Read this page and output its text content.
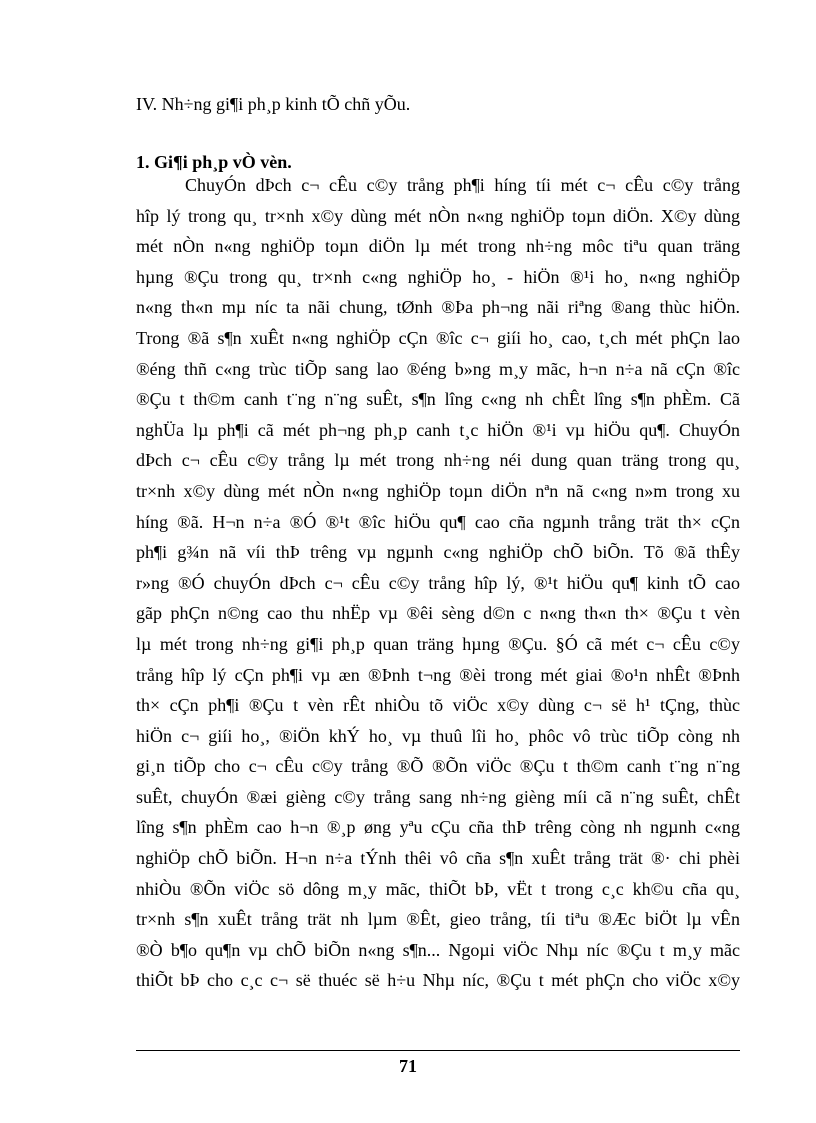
IV. Nh÷ng gi¶i ph¸p kinh tÕ chñ yÕu.
1. Gi¶i ph¸p vÒ vèn.
ChuyÓn dÞch c¬ cÊu c©y trång ph¶i híng tíi mét c¬ cÊu c©y trång
hîp lý trong qu¸ tr×nh x©y dùng mét nÒn n«ng nghiÖp toµn diÖn. X©y dùng
mét nÒn n«ng nghiÖp toµn diÖn lµ mét trong nh÷ng môc tiªu quan träng
hµng ®Çu trong qu¸ tr×nh c«ng nghiÖp ho¸ - hiÖn ®¹i ho¸ n«ng nghiÖp
n«ng th«n mµ níc ta nãi chung, tØnh ®Þa ph¬ng nãi riªng ®ang thùc hiÖn.
Trong ®ã s¶n xuÊt n«ng nghiÖp cÇn ®îc c¬ giíi ho¸ cao, t¸ch mét phÇn lao
®éng thñ c«ng trùc tiÕp sang lao ®éng b»ng m¸y mãc, h¬n n÷a nã cÇn ®îc
®Çu t th©m canh t¨ng n¨ng suÊt, s¶n lîng c«ng nh chÊt lîng s¶n phÈm. Cã
nghÜa lµ ph¶i cã mét ph¬ng ph¸p canh t¸c hiÖn ®¹i vµ hiÖu qu¶. ChuyÓn
dÞch c¬ cÊu c©y trång lµ mét trong nh÷ng néi dung quan träng trong qu¸
tr×nh x©y dùng mét nÒn n«ng nghiÖp toµn diÖn nªn nã c«ng n»m trong xu
híng ®ã. H¬n n÷a ®Ó ®¹t ®îc hiÖu qu¶ cao cña ngµnh trång trät th× cÇn
ph¶i g¾n nã víi thÞ trêng vµ ngµnh c«ng nghiÖp chÕ biÕn. Tõ ®ã thÊy
r»ng ®Ó chuyÓn dÞch c¬ cÊu c©y trång hîp lý, ®¹t hiÖu qu¶ kinh tÕ cao
gãp phÇn n©ng cao thu nhËp vµ ®êi sèng d©n c n«ng th«n th× ®Çu t vèn
lµ mét trong nh÷ng gi¶i ph¸p quan träng hµng ®Çu. §Ó cã mét c¬ cÊu c©y
trång hîp lý cÇn ph¶i vµ æn ®Þnh t¬ng ®èi trong mét giai ®o¹n nhÊt ®Þnh
th× cÇn ph¶i ®Çu t vèn rÊt nhiÒu tõ viÖc x©y dùng c¬ së h¹ tÇng, thùc
hiÖn c¬ giíi ho¸, ®iÖn khÝ ho¸ vµ thuû lîi ho¸ phôc vô trùc tiÕp còng nh
gi¸n tiÕp cho c¬ cÊu c©y trång ®Õ ®Õn viÖc ®Çu t th©m canh t¨ng n¨ng
suÊt, chuyÓn ®æi gièng c©y trång sang nh÷ng gièng míi cã n¨ng suÊt, chÊt
lîng s¶n phÈm cao h¬n ®¸p øng yªu cÇu cña thÞ trêng còng nh ngµnh c«ng
nghiÖp chÕ biÕn. H¬n n÷a tÝnh thêi vô cña s¶n xuÊt trång trät ®· chi phèi
nhiÒu ®Õn viÖc sö dông m¸y mãc, thiÕt bÞ, vËt t trong c¸c kh©u cña qu¸
tr×nh s¶n xuÊt trång trät nh lµm ®Êt, gieo trång, tíi tiªu ®Æc biÖt lµ vÊn
®Ò b¶o qu¶n vµ chÕ biÕn n«ng s¶n... Ngoµi viÖc Nhµ níc ®Çu t m¸y mãc
thiÕt bÞ cho c¸c c¬ së thuéc së h÷u Nhµ níc, ®Çu t mét phÇn cho viÖc x©y
71
